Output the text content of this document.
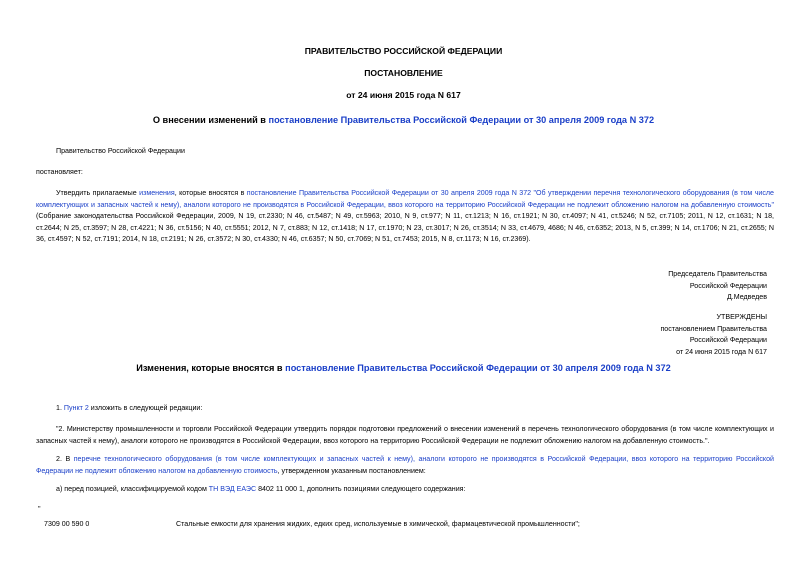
ПРАВИТЕЛЬСТВО РОССИЙСКОЙ ФЕДЕРАЦИИ
ПОСТАНОВЛЕНИЕ
от 24 июня 2015 года N 617
О внесении изменений в постановление Правительства Российской Федерации от 30 апреля 2009 года N 372
Правительство Российской Федерации
постановляет:

Утвердить прилагаемые изменения, которые вносятся в постановление Правительства Российской Федерации от 30 апреля 2009 года N 372 "Об утверждении перечня технологического оборудования (в том числе комплектующих и запасных частей к нему), аналоги которого не производятся в Российской Федерации, ввоз которого на территорию Российской Федерации не подлежит обложению налогом на добавленную стоимость" (Собрание законодательства Российской Федерации, 2009, N 19, ст.2330; N 46, ст.5487; N 49, ст.5963; 2010, N 9, ст.977; N 11, ст.1213; N 16, ст.1921; N 30, ст.4097; N 41, ст.5246; N 52, ст.7105; 2011, N 12, ст.1631; N 18, ст.2644; N 25, ст.3597; N 28, ст.4221; N 36, ст.5156; N 40, ст.5551; 2012, N 7, ст.883; N 12, ст.1418; N 17, ст.1970; N 23, ст.3017; N 26, ст.3514; N 33, ст.4679, 4686; N 46, ст.6352; 2013, N 5, ст.399; N 14, ст.1706; N 21, ст.2655; N 36, ст.4597; N 52, ст.7191; 2014, N 18, ст.2191; N 26, ст.3572; N 30, ст.4330; N 46, ст.6357; N 50, ст.7069; N 51, ст.7453; 2015, N 8, ст.1173; N 16, ст.2369).

Председатель Правительства
Российской Федерации
Д.Медведев
УТВЕРЖДЕНЫ
постановлением Правительства
Российской Федерации
от 24 июня 2015 года N 617
Изменения, которые вносятся в постановление Правительства Российской Федерации от 30 апреля 2009 года N 372
1. Пункт 2 изложить в следующей редакции:

"2. Министерству промышленности и торговли Российской Федерации утвердить порядок подготовки предложений о внесении изменений в перечень технологического оборудования (в том числе комплектующих и запасных частей к нему), аналоги которого не производятся в Российской Федерации, ввоз которого на территорию Российской Федерации не подлежит обложению налогом на добавленную стоимость.".

2. В перечне технологического оборудования (в том числе комплектующих и запасных частей к нему), аналоги которого не производятся в Российской Федерации, ввоз которого на территорию Российской Федерации не подлежит обложению налогом на добавленную стоимость, утвержденном указанным постановлением:

а) перед позицией, классифицируемой кодом ТН ВЭД ЕАЭС 8402 11 000 1, дополнить позициями следующего содержания:
"
7309 00 590 0	Стальные емкости для хранения жидких, едких сред, используемые в химической, фармацевтической промышленности";
